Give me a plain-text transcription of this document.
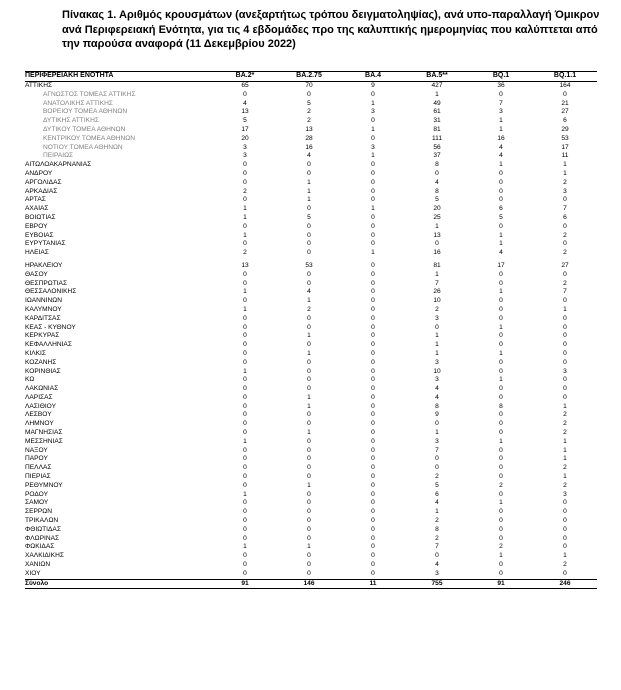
Πίνακας 1. Αριθμός κρουσμάτων (ανεξαρτήτως τρόπου δειγματοληψίας), ανά υπο-παραλλαγή Όμικρον ανά Περιφερειακή Ενότητα, για τις 4 εβδομάδες προ της καλυπτικής ημερομηνίας που καλύπτεται από την παρούσα αναφορά (11 Δεκεμβρίου 2022)

ΠΕΡΙΦΕΡΕΙΑΚΗ ΕΝΟΤΗΤΑ	BA.2*	BA.2.75	BA.4	BA.5**	BQ.1	BQ.1.1
ΑΤΤΙΚΗΣ	65	70	9	427	36	164
ΑΓΝΩΣΤΟΣ ΤΟΜΕΑΣ ΑΤΤΙΚΗΣ	0	0	0	1	0	0
ΑΝΑΤΟΛΙΚΗΣ ΑΤΤΙΚΗΣ	4	5	1	49	7	21
ΒΟΡΕΙΟΥ ΤΟΜΕΑ ΑΘΗΝΩΝ	13	2	3	61	3	27
ΔΥΤΙΚΗΣ ΑΤΤΙΚΗΣ	5	2	0	31	1	6
ΔΥΤΙΚΟΥ ΤΟΜΕΑ ΑΘΗΝΩΝ	17	13	1	81	1	29
ΚΕΝΤΡΙΚΟΥ ΤΟΜΕΑ ΑΘΗΝΩΝ	20	28	0	111	16	53
ΝΟΤΙΟΥ ΤΟΜΕΑ ΑΘΗΝΩΝ	3	16	3	56	4	17
ΠΕΙΡΑΙΩΣ	3	4	1	37	4	11
ΑΙΤΩΛΟΑΚΑΡΝΑΝΙΑΣ	0	0	0	8	1	1
ΑΝΔΡΟΥ	0	0	0	0	0	1
ΑΡΓΟΛΙΔΑΣ	0	1	0	4	0	2
ΑΡΚΑΔΙΑΣ	2	1	0	8	0	3
ΑΡΤΑΣ	0	1	0	5	0	0
ΑΧΑΪΑΣ	1	0	1	20	6	7
ΒΟΙΩΤΙΑΣ	1	5	0	25	5	6
ΕΒΡΟΥ	0	0	0	1	0	0
ΕΥΒΟΙΑΣ	1	0	0	13	1	2
ΕΥΡΥΤΑΝΙΑΣ	0	0	0	0	1	0
ΗΛΕΙΑΣ	2	0	1	16	4	2

ΗΡΑΚΛΕΙΟΥ	13	53	0	81	17	27
ΘΑΣΟΥ	0	0	0	1	0	0
ΘΕΣΠΡΩΤΙΑΣ	0	0	0	7	0	2
ΘΕΣΣΑΛΟΝΙΚΗΣ	1	4	0	26	1	7
ΙΩΑΝΝΙΝΩΝ	0	1	0	10	0	0
ΚΑΛΥΜΝΟΥ	1	2	0	2	0	1
ΚΑΡΔΙΤΣΑΣ	0	0	0	3	0	0
ΚΕΑΣ - ΚΥΘΝΟΥ	0	0	0	0	1	0
ΚΕΡΚΥΡΑΣ	0	1	0	1	0	0
ΚΕΦΑΛΛΗΝΙΑΣ	0	0	0	1	0	0
ΚΙΛΚΙΣ	0	1	0	1	1	0
ΚΟΖΑΝΗΣ	0	0	0	3	0	0
ΚΟΡΙΝΘΙΑΣ	1	0	0	10	0	3
ΚΩ	0	0	0	3	1	0
ΛΑΚΩΝΙΑΣ	0	0	0	4	0	0
ΛΑΡΙΣΑΣ	0	1	0	4	0	0
ΛΑΣΙΘΙΟΥ	0	1	0	8	8	1
ΛΕΣΒΟΥ	0	0	0	9	0	2
ΛΗΜΝΟΥ	0	0	0	0	0	2
ΜΑΓΝΗΣΙΑΣ	0	1	0	1	0	2
ΜΕΣΣΗΝΙΑΣ	1	0	0	3	1	1
ΝΑΞΟΥ	0	0	0	7	0	1
ΠΑΡΟΥ	0	0	0	0	0	1
ΠΕΛΛΑΣ	0	0	0	0	0	2
ΠΙΕΡΙΑΣ	0	0	0	2	0	1
ΡΕΘΥΜΝΟΥ	0	1	0	5	2	2
ΡΟΔΟΥ	1	0	0	6	0	3
ΣΑΜΟΥ	0	0	0	4	1	0
ΣΕΡΡΩΝ	0	0	0	1	0	0
ΤΡΙΚΑΛΩΝ	0	0	0	2	0	0
ΦΘΙΩΤΙΔΑΣ	0	0	0	8	0	0
ΦΛΩΡΙΝΑΣ	0	0	0	2	0	0
ΦΩΚΙΔΑΣ	1	1	0	7	2	0
ΧΑΛΚΙΔΙΚΗΣ	0	0	0	0	1	1
ΧΑΝΙΩΝ	0	0	0	4	0	2
ΧΙΟΥ	0	0	0	3	0	0
Σύνολο	91	146	11	755	91	246
